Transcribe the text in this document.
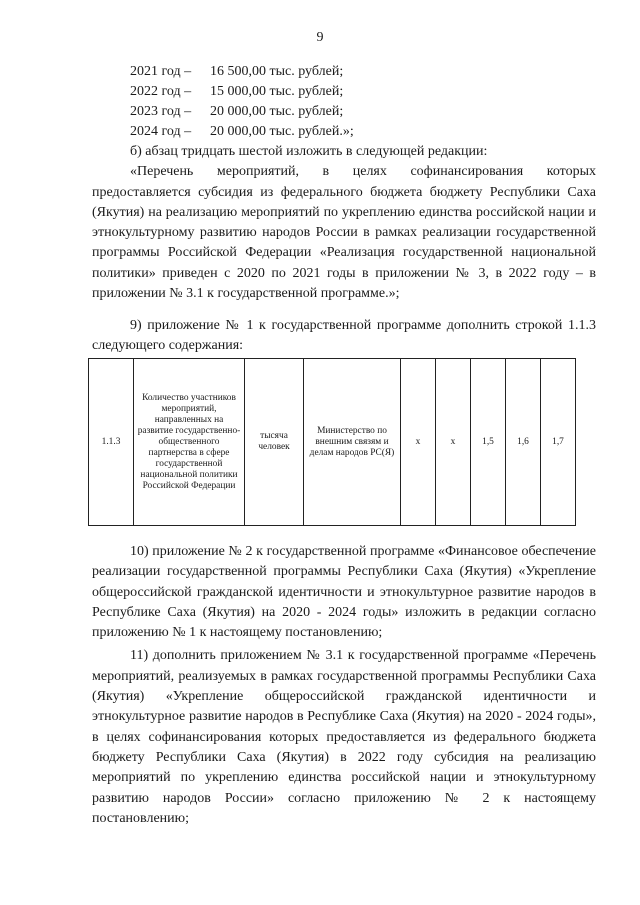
9
2021 год –	16 500,00 тыс. рублей;
2022 год –	15 000,00 тыс. рублей;
2023 год –	20 000,00 тыс. рублей;
2024 год –	20 000,00 тыс. рублей.»;

б) абзац тридцать шестой изложить в следующей редакции:

«Перечень мероприятий, в целях софинансирования которых предоставляется субсидия из федерального бюджета бюджету Республики Саха (Якутия) на реализацию мероприятий по укреплению единства российской нации и этнокультурному развитию народов России в рамках реализации государственной программы Российской Федерации «Реализация государственной национальной политики» приведен с 2020 по 2021 годы в приложении № 3, в 2022 году – в приложении № 3.1 к государственной программе.»;

9) приложение № 1 к государственной программе дополнить строкой 1.1.3 следующего содержания:

1.1.3	Количество участников мероприятий, направленных на развитие государственно-общественного партнерства в сфере государственной национальной политики Российской Федерации	тысяча человек	Министерство по внешним связям и делам народов РС(Я)	х	х	1,5	1,6	1,7

10) приложение № 2 к государственной программе «Финансовое обеспечение реализации государственной программы Республики Саха (Якутия) «Укрепление общероссийской гражданской идентичности и этнокультурное развитие народов в Республике Саха (Якутия) на 2020 - 2024 годы» изложить в редакции согласно приложению № 1 к настоящему постановлению;

11) дополнить приложением № 3.1 к государственной программе «Перечень мероприятий, реализуемых в рамках государственной программы Республики Саха (Якутия) «Укрепление общероссийской гражданской идентичности и этнокультурное развитие народов в Республике Саха (Якутия) на 2020 - 2024 годы», в целях софинансирования которых предоставляется из федерального бюджета бюджету Республики Саха (Якутия) в 2022 году субсидия на реализацию мероприятий по укреплению единства российской нации и этнокультурному развитию народов России» согласно приложению № 2 к настоящему постановлению;
